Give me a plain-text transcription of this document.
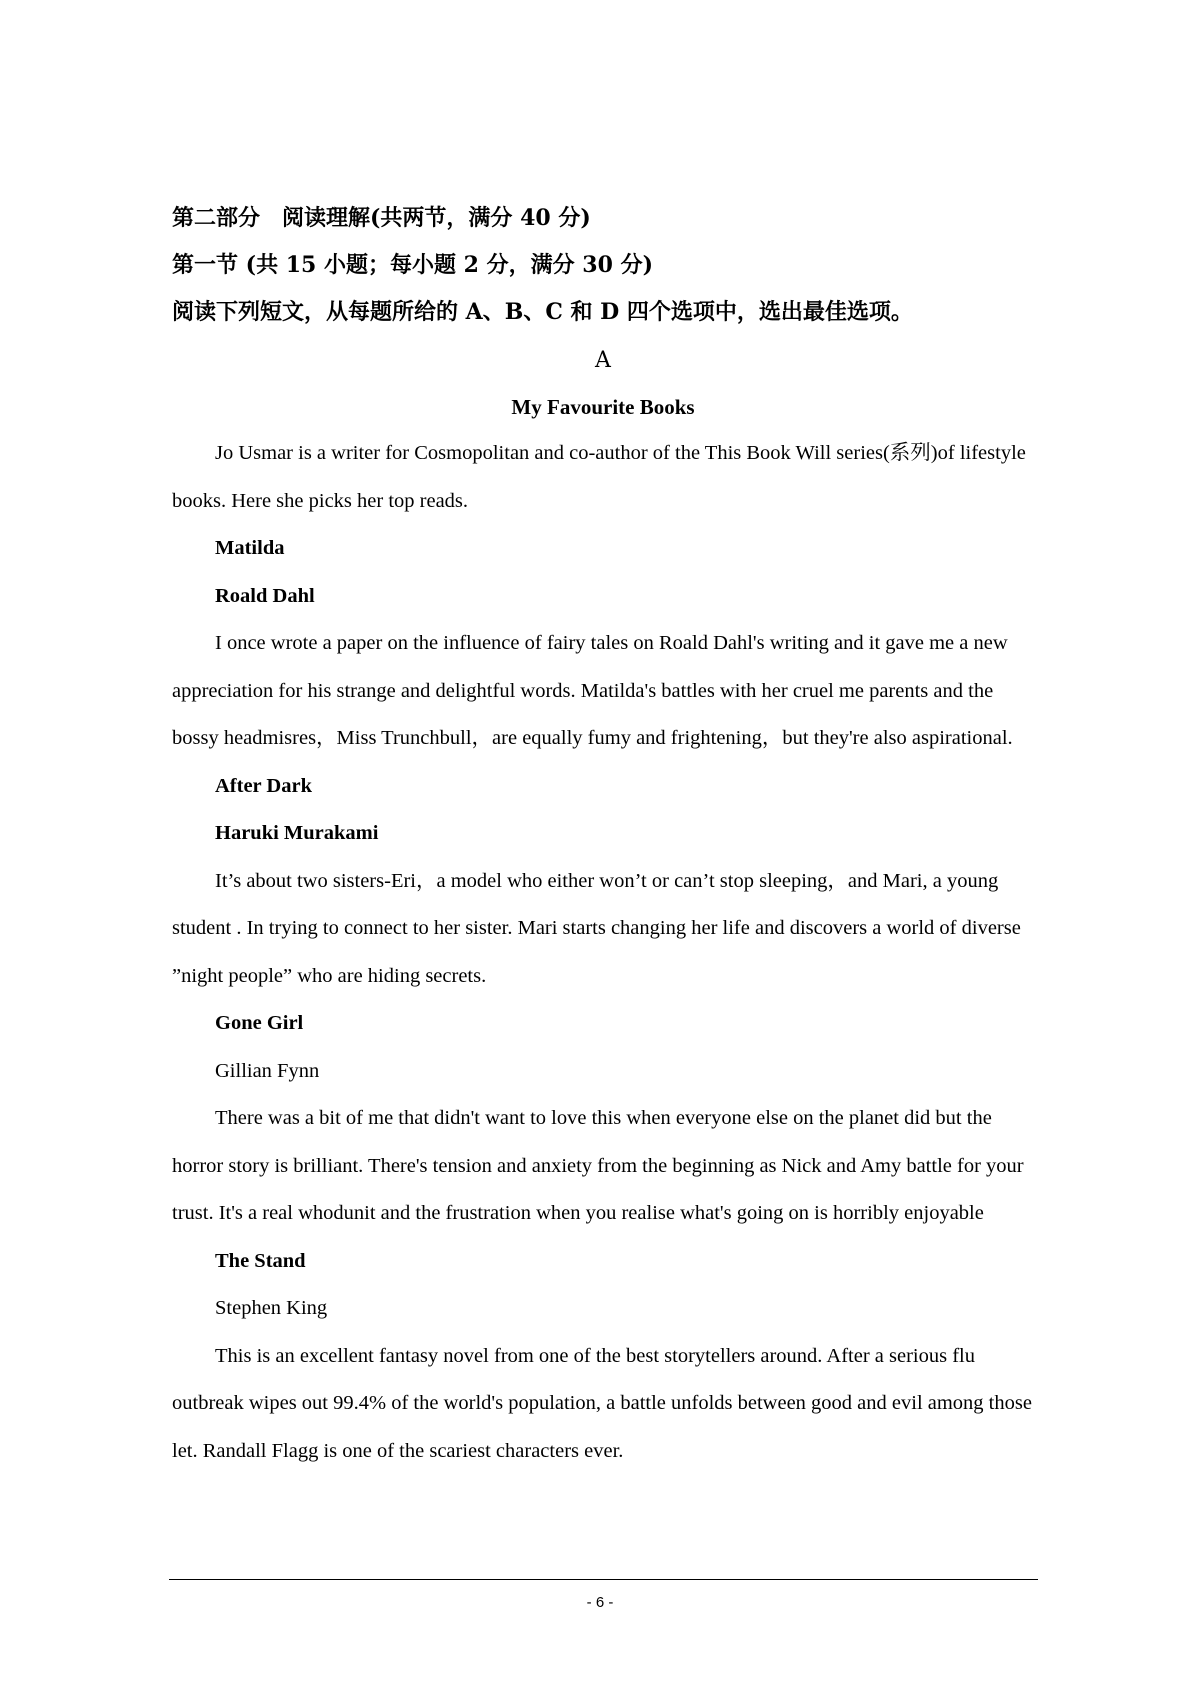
第二部分　阅读理解(共两节，满分 40 分)

第一节 (共 15 小题；每小题 2 分，满分 30 分)

阅读下列短文，从每题所给的 A、B、C 和 D 四个选项中，选出最佳选项。

A

My Favourite Books

Jo Usmar is a writer for Cosmopolitan and co-author of the This Book Will series(系列)of lifestyle books. Here she picks her top reads.

Matilda

Roald Dahl

I once wrote a paper on the influence of fairy tales on Roald Dahl's writing and it gave me a new appreciation for his strange and delightful words. Matilda's battles with her cruel me parents and the bossy headmisres，Miss Trunchbull，are equally fumy and frightening，but they're also aspirational.

After Dark

Haruki Murakami

It’s about two sisters-Eri，a model who either won’t or can’t stop sleeping，and Mari, a young student . In trying to connect to her sister. Mari starts changing her life and discovers a world of diverse ”night people” who are hiding secrets.

Gone Girl

Gillian Fynn

There was a bit of me that didn't want to love this when everyone else on the planet did but the horror story is brilliant. There's tension and anxiety from the beginning as Nick and Amy battle for your trust. It's a real whodunit and the frustration when you realise what's going on is horribly enjoyable

The Stand

Stephen King

This is an excellent fantasy novel from one of the best storytellers around. After a serious flu outbreak wipes out 99.4% of the world's population, a battle unfolds between good and evil among those let. Randall Flagg is one of the scariest characters ever.

- 6 -
